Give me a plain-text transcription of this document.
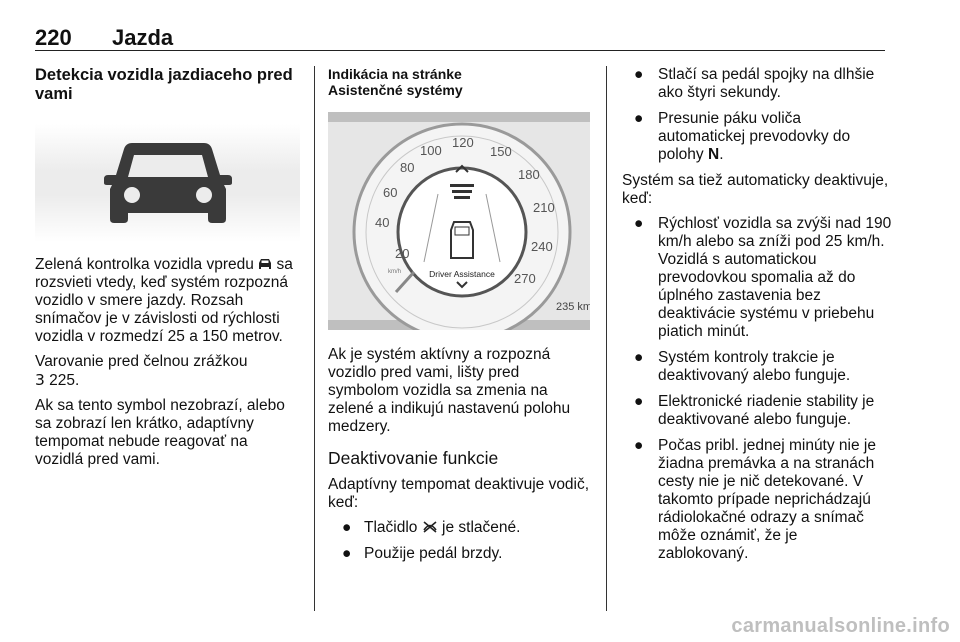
220 Jazda
Detekcia vozidla jazdiaceho pred vami

Zelená kontrolka vozidla vpredu  sa rozsvieti vtedy, keď systém rozpozná vozidlo v smere jazdy. Rozsah snímačov je v závislosti od rýchlosti vozidla v rozmedzí 25 a 150 metrov.

Varovanie pred čelnou zrážkou
3 225.

Ak sa tento symbol nezobrazí, alebo sa zobrazí len krátko, adaptívny tempomat nebude reagovať na vozidlá pred vami.

Indikácia na stránke
Asistenčné systémy
20
40
60
80
100
120
150
180
210
240
270
km/h	Driver Assistance
235 km

Ak je systém aktívny a rozpozná vozidlo pred vami, lišty pred symbolom vozidla sa zmenia na zelené a indikujú nastavenú polohu medzery.

Deaktivovanie funkcie

Adaptívny tempomat deaktivuje vodič, keď:

● Tlačidlo  je stlačené.
● Použije pedál brzdy.
● Stlačí sa pedál spojky na dlhšie ako štyri sekundy.
● Presunie páku voliča automatickej prevodovky do polohy N.

Systém sa tiež automaticky deaktivuje, keď:

● Rýchlosť vozidla sa zvýši nad 190 km/h alebo sa zníži pod 25 km/h. Vozidlá s automatickou prevodovkou spomalia až do úplného zastavenia bez deaktivácie systému v priebehu piatich minút.
● Systém kontroly trakcie je deaktivovaný alebo funguje.
● Elektronické riadenie stability je deaktivované alebo funguje.
● Počas pribl. jednej minúty nie je žiadna premávka a na stranách cesty nie je nič detekované. V takomto prípade neprichádzajú rádiolokačné odrazy a snímač môže oznámiť, že je zablokovaný.
carmanualsonline.info
